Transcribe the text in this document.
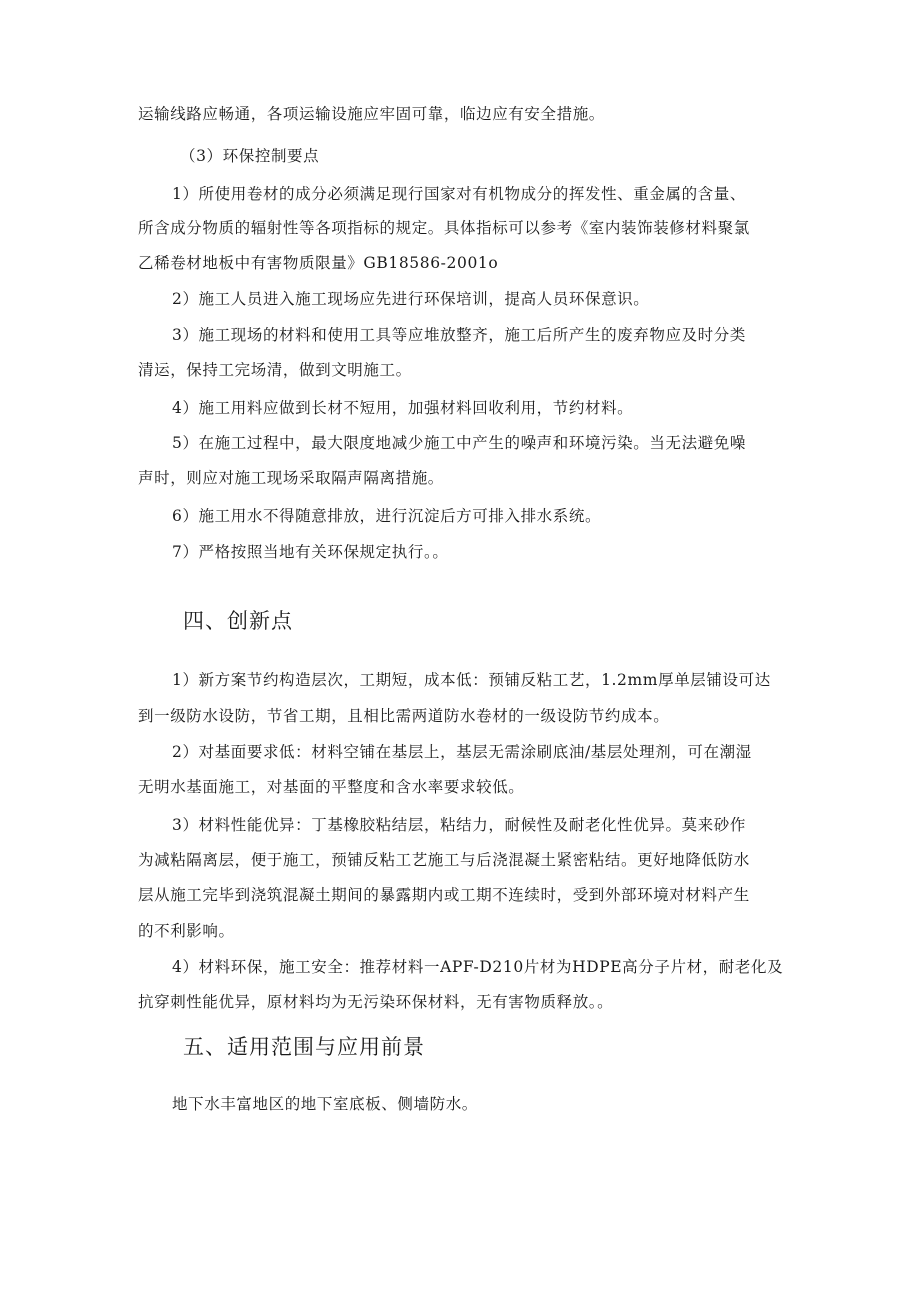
运输线路应畅通，各项运输设施应牢固可靠，临边应有安全措施。
（3）环保控制要点
1）所使用卷材的成分必须满足现行国家对有机物成分的挥发性、重金属的含量、
所含成分物质的辐射性等各项指标的规定。具体指标可以参考《室内装饰装修材料聚氯
乙稀卷材地板中有害物质限量》GB18586-2001o
2）施工人员进入施工现场应先进行环保培训，提高人员环保意识。
3）施工现场的材料和使用工具等应堆放整齐，施工后所产生的废弃物应及时分类
清运，保持工完场清，做到文明施工。
4）施工用料应做到长材不短用，加强材料回收利用，节约材料。
5）在施工过程中，最大限度地减少施工中产生的噪声和环境污染。当无法避免噪
声时，则应对施工现场采取隔声隔离措施。
6）施工用水不得随意排放，进行沉淀后方可排入排水系统。
7）严格按照当地有关环保规定执行。。
四、创新点
1）新方案节约构造层次，工期短，成本低：预铺反粘工艺，1.2mm厚单层铺设可达
到一级防水设防，节省工期，且相比需两道防水卷材的一级设防节约成本。
2）对基面要求低：材料空铺在基层上，基层无需涂刷底油/基层处理剂，可在潮湿
无明水基面施工，对基面的平整度和含水率要求较低。
3）材料性能优异：丁基橡胶粘结层，粘结力，耐候性及耐老化性优异。莫来砂作
为减粘隔离层，便于施工，预铺反粘工艺施工与后浇混凝土紧密粘结。更好地降低防水
层从施工完毕到浇筑混凝土期间的暴露期内或工期不连续时，受到外部环境对材料产生
的不利影响。
4）材料环保，施工安全：推荐材料一APF-D210片材为HDPE高分子片材，耐老化及
抗穿刺性能优异，原材料均为无污染环保材料，无有害物质释放。。
五、适用范围与应用前景
地下水丰富地区的地下室底板、侧墙防水。
